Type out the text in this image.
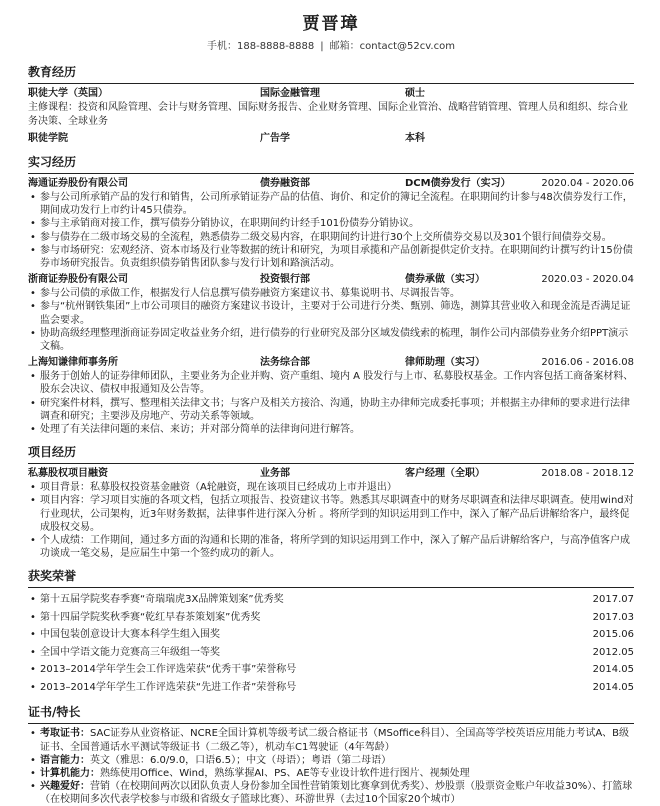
贾晋璋
手机：188-8888-8888 | 邮箱：contact@52cv.com
教育经历
职徒大学（英国）	国际金融管理	硕士
主修课程：投资和风险管理、会计与财务管理、国际财务报告、企业财务管理、国际企业管治、战略营销管理、管理人员和组织、综合业务决策、全球业务
职徒学院	广告学	本科
实习经历
海通证券股份有限公司	债券融资部	DCM债券发行（实习）	2020.04 - 2020.06
• 参与公司所承销产品的发行和销售，公司所承销证券产品的估值、询价、和定价的簿记全流程。在职期间约计参与48次债券发行工作，期间成功发行上市约计45只债券。
• 参与主承销商对接工作，撰写债券分销协议，在职期间约计经手101份债券分销协议。
• 参与债券在二级市场交易的全流程，熟悉债券二级交易内容，在职期间约计进行30个上交所债券交易以及301个银行间债券交易。
• 参与市场研究：宏观经济、资本市场及行业等数据的统计和研究，为项目承揽和产品创新提供定价支持。在职期间约计撰写约计15份债券市场研究报告。负责组织债券销售团队参与发行计划和路演活动。
浙商证券股份有限公司	投资银行部	债券承做（实习）	2020.03 - 2020.04
• 参与公司债的承做工作，根据发行人信息撰写债券融资方案建议书、募集说明书、尽调报告等。
• 参与“杭州钢铁集团”上市公司项目的融资方案建议书设计，主要对于公司进行分类、甄别、筛选，测算其营业收入和现金流是否满足证监会要求。
• 协助高级经理整理浙商证券固定收益业务介绍，进行债券的行业研究及部分区域发债线索的梳理，制作公司内部债券业务介绍PPT演示文稿。
上海知谦律师事务所	法务综合部	律师助理（实习）	2016.06 - 2016.08
• 服务于创始人的证券律师团队，主要业务为企业并购、资产重组、境内 A 股发行与上市、私募股权基金。工作内容包括工商备案材料、股东会决议、债权申报通知及公告等。
• 研究案件材料，撰写、整理相关法律文书；与客户及相关方接洽、沟通，协助主办律师完成委托事项；并根据主办律师的要求进行法律调查和研究；主要涉及房地产、劳动关系等领域。
• 处理了有关法律问题的来信、来访；并对部分简单的法律询问进行解答。
项目经历
私募股权项目融资	业务部	客户经理（全职）	2018.08 - 2018.12
• 项目背景：私募股权投资基金融资（A轮融资，现在该项目已经成功上市并退出）
• 项目内容：学习项目实施的各项文档，包括立项报告、投资建议书等。熟悉其尽职调查中的财务尽职调查和法律尽职调查。使用wind对行业现状，公司架构，近3年财务数据，法律事件进行深入分析 。将所学到的知识运用到工作中，深入了解产品后讲解给客户，最终促成股权交易。
• 个人成绩：工作期间，通过多方面的沟通和长期的准备，将所学到的知识运用到工作中，深入了解产品后讲解给客户，与高净值客户成功谈成一笔交易，是应届生中第一个签约成功的新人。
获奖荣誉
• 第十五届学院奖春季赛“奇瑞瑞虎3X品牌策划案”优秀奖	2017.07
• 第十四届学院奖秋季赛“乾红早春茶策划案”优秀奖	2017.03
• 中国包装创意设计大赛本科学生组入围奖	2015.06
• 全国中学语文能力竞赛高三年级组一等奖	2012.05
• 2013–2014学年学生会工作评选荣获“优秀干事”荣誉称号	2014.05
• 2013–2014学年学生工作评选荣获“先进工作者”荣誉称号	2014.05
证书/特长
• 考取证书：SAC证券从业资格证、NCRE全国计算机等级考试二级合格证书（MSoffice科目）、全国高等学校英语应用能力考试A、B级证书、全国普通话水平测试等级证书（二级乙等），机动车C1驾驶证（4年驾龄）
• 语言能力：英文（雅思：6.0/9.0，口语6.5）；中文（母语）；粤语（第二母语）
• 计算机能力：熟练使用Office、Wind，熟练掌握AI、PS、AE等专业设计软件进行图片、视频处理
• 兴趣爱好：营销（在校期间两次以团队负责人身份参加全国性营销策划比赛拿到优秀奖）、炒股票（股票资金账户年收益30%）、打篮球（在校期间多次代表学校参与市级和省级女子篮球比赛）、环游世界（去过10个国家20个城市）
